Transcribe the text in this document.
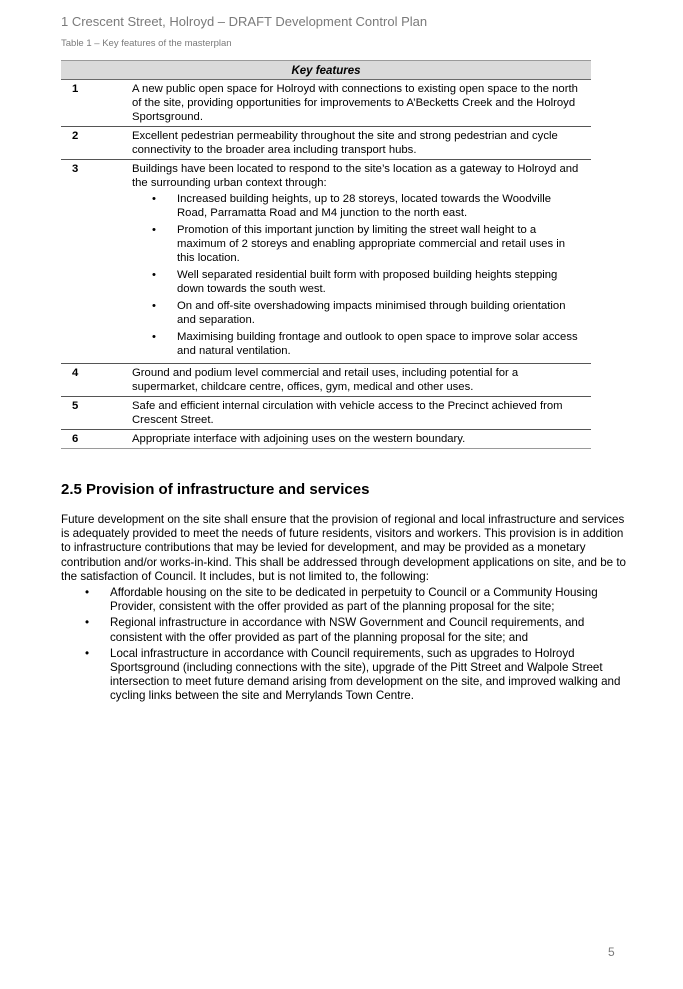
1 Crescent Street, Holroyd – DRAFT Development Control Plan
Table 1 – Key features of the masterplan
Key features
1	A new public open space for Holroyd with connections to existing open space to the north of the site, providing opportunities for improvements to A’Becketts Creek and the Holroyd Sportsground.
2	Excellent pedestrian permeability throughout the site and strong pedestrian and cycle connectivity to the broader area including transport hubs.
3	Buildings have been located to respond to the site’s location as a gateway to Holroyd and the surrounding urban context through:

• Increased building heights, up to 28 storeys, located towards the Woodville Road, Parramatta Road and M4 junction to the north east.
• Promotion of this important junction by limiting the street wall height to a maximum of 2 storeys and enabling appropriate commercial and retail uses in this location.
• Well separated residential built form with proposed building heights stepping down towards the south west.
• On and off-site overshadowing impacts minimised through building orientation and separation.
• Maximising building frontage and outlook to open space to improve solar access and natural ventilation.
4	Ground and podium level commercial and retail uses, including potential for a supermarket, childcare centre, offices, gym, medical and other uses.
5	Safe and efficient internal circulation with vehicle access to the Precinct achieved from Crescent Street.
6	Appropriate interface with adjoining uses on the western boundary.
2.5 Provision of infrastructure and services

Future development on the site shall ensure that the provision of regional and local infrastructure and services is adequately provided to meet the needs of future residents, visitors and workers. This provision is in addition to infrastructure contributions that may be levied for development, and may be provided as a monetary contribution and/or works-in-kind. This shall be addressed through development applications on site, and be to the satisfaction of Council. It includes, but is not limited to, the following:

• Affordable housing on the site to be dedicated in perpetuity to Council or a Community Housing Provider, consistent with the offer provided as part of the planning proposal for the site;
• Regional infrastructure in accordance with NSW Government and Council requirements, and consistent with the offer provided as part of the planning proposal for the site; and
• Local infrastructure in accordance with Council requirements, such as upgrades to Holroyd Sportsground (including connections with the site), upgrade of the Pitt Street and Walpole Street intersection to meet future demand arising from development on the site, and improved walking and cycling links between the site and Merrylands Town Centre.
5
